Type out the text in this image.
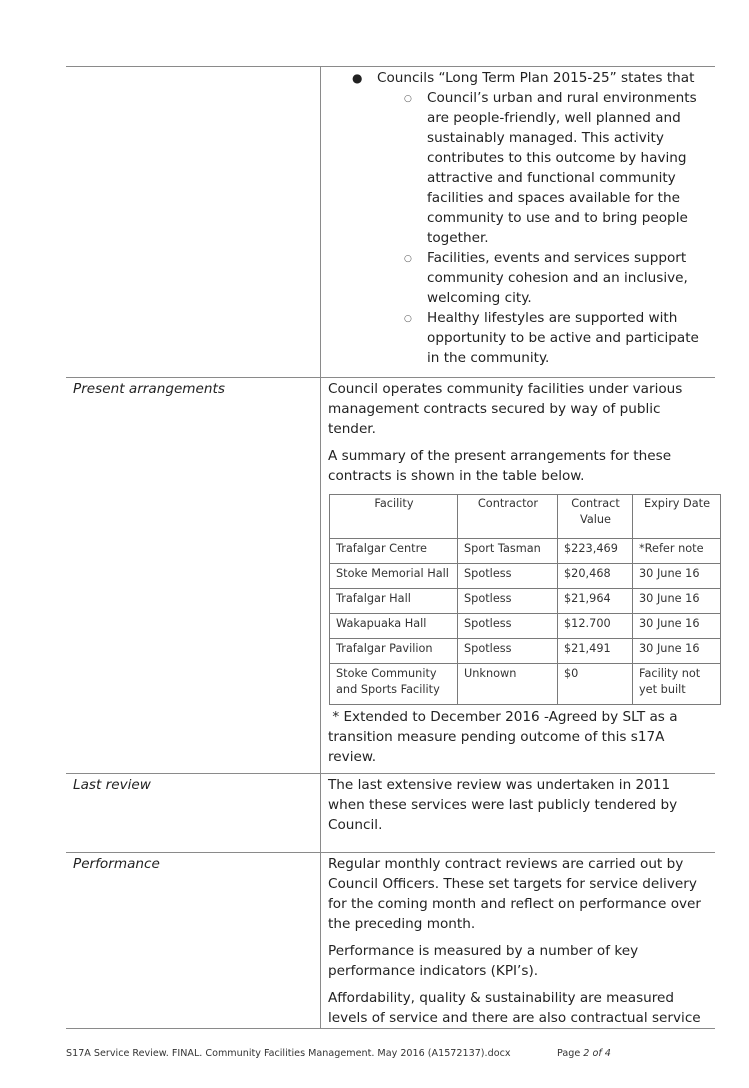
● Councils “Long Term Plan 2015-25” states that
○ Council’s urban and rural environments are people-friendly, well planned and sustainably managed. This activity contributes to this outcome by having attractive and functional community facilities and spaces available for the community to use and to bring people together.
○ Facilities, events and services support community cohesion and an inclusive, welcoming city.
○ Healthy lifestyles are supported with opportunity to be active and participate in the community.

Present arrangements	Council operates community facilities under various management contracts secured by way of public tender.

A summary of the present arrangements for these contracts is shown in the table below.

Facility	Contractor	Contract Value	Expiry Date
Trafalgar Centre	Sport Tasman	$223,469	*Refer note
Stoke Memorial Hall	Spotless	$20,468	30 June 16
Trafalgar Hall	Spotless	$21,964	30 June 16
Wakapuaka Hall	Spotless	$12.700	30 June 16
Trafalgar Pavilion	Spotless	$21,491	30 June 16
Stoke Community and Sports Facility	Unknown	$0	Facility not yet built

* Extended to December 2016 -Agreed by SLT as a transition measure pending outcome of this s17A review.

Last review	The last extensive review was undertaken in 2011 when these services were last publicly tendered by Council.

Performance	Regular monthly contract reviews are carried out by Council Officers. These set targets for service delivery for the coming month and reflect on performance over the preceding month.

Performance is measured by a number of key performance indicators (KPI’s).

Affordability, quality & sustainability are measured levels of service and there are also contractual service

S17A Service Review. FINAL. Community Facilities Management. May 2016 (A1572137).docx	Page 2 of 4
